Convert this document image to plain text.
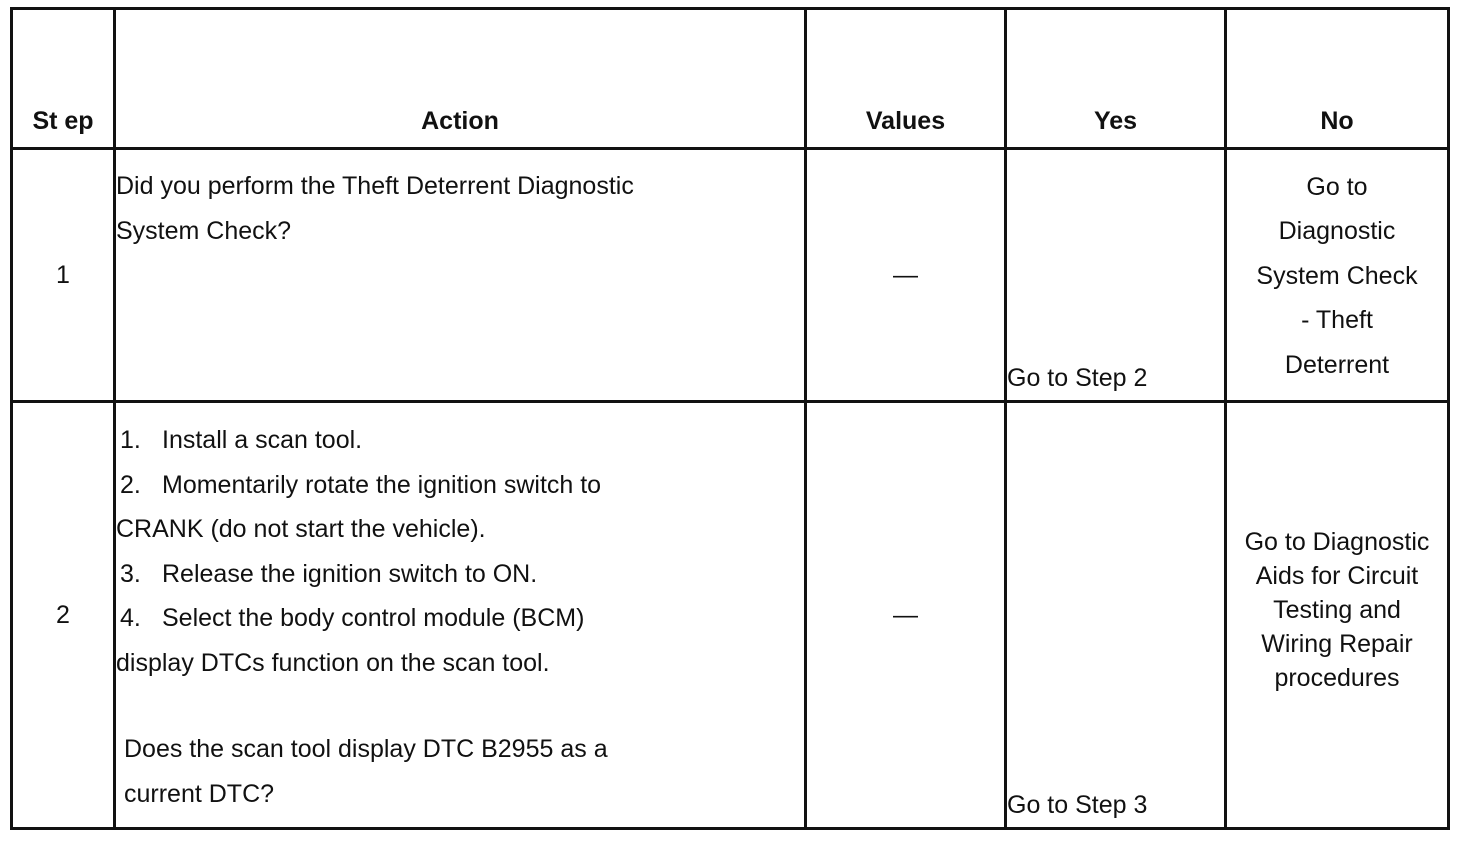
St ep	Action	Values	Yes	No
1	Did you perform the Theft Deterrent Diagnostic System Check?	—	Go to Step 2	Go to Diagnostic System Check - Theft Deterrent

2	1. Install a scan tool.
2. Momentarily rotate the ignition switch to CRANK (do not start the vehicle).
3. Release the ignition switch to ON.
4. Select the body control module (BCM) display DTCs function on the scan tool.
Does the scan tool display DTC B2955 as a current DTC?	—	Go to Step 3	Go to Diagnostic Aids for Circuit Testing and Wiring Repair procedures
